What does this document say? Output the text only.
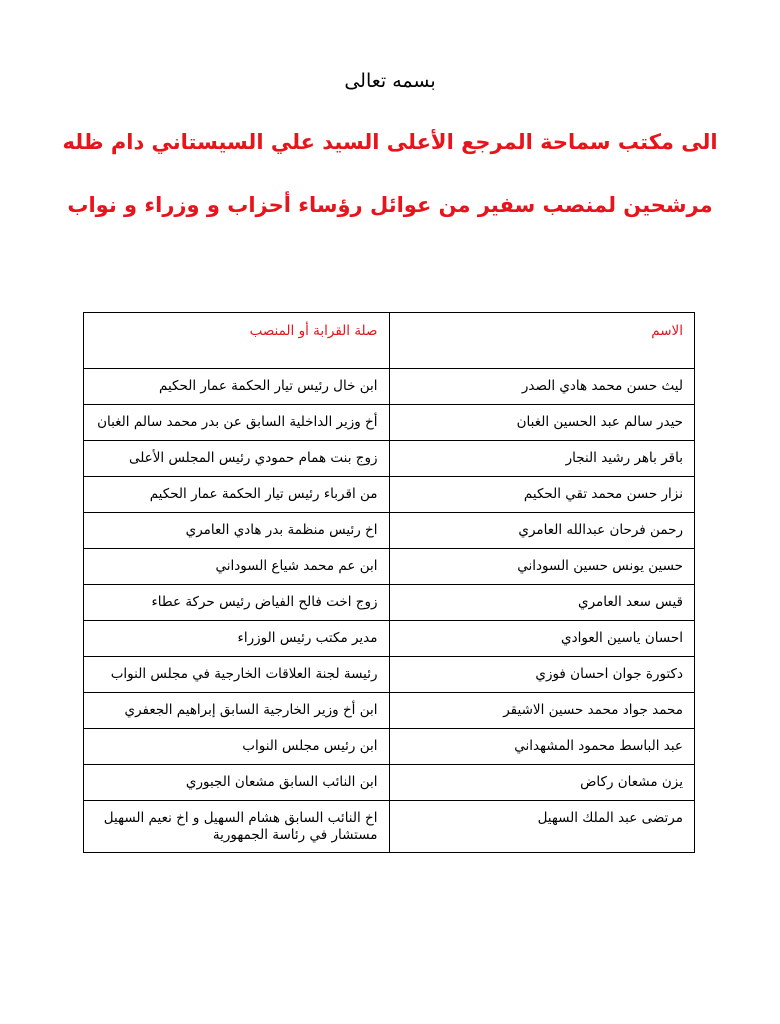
بسمه تعالى
الى مكتب سماحة المرجع الأعلى السيد علي السيستاني دام ظله
مرشحين لمنصب سفير من عوائل رؤساء أحزاب و وزراء و نواب
الاسم	صلة القرابة أو المنصب
ليث حسن محمد هادي الصدر	ابن خال رئيس تيار الحكمة عمار الحكيم
حيدر سالم عبد الحسين الغبان	أخ وزير الداخلية السابق عن بدر محمد سالم الغبان
باقر باهر رشيد النجار	زوج بنت همام حمودي رئيس المجلس الأعلى
نزار حسن محمد تقي الحكيم	من اقرباء رئيس تيار الحكمة عمار الحكيم
رحمن فرحان عبدالله العامري	اخ رئيس منظمة بدر هادي العامري
حسين يونس حسين السوداني	ابن عم محمد شياع السوداني
قيس سعد العامري	زوج اخت فالح الفياض رئيس حركة عطاء
احسان ياسين العوادي	مدير مكتب رئيس الوزراء
دكتورة جوان احسان فوزي	رئيسة لجنة العلاقات الخارجية في مجلس النواب
محمد جواد محمد حسين الاشيقر	ابن أخ وزير الخارجية السابق إبراهيم الجعفري
عبد الباسط محمود المشهداني	ابن رئيس مجلس النواب
يزن مشعان ركاض	ابن النائب السابق مشعان الجبوري
مرتضى عبد الملك السهيل	اخ النائب السابق هشام السهيل و اخ نعيم السهيل مستشار في رئاسة الجمهورية
